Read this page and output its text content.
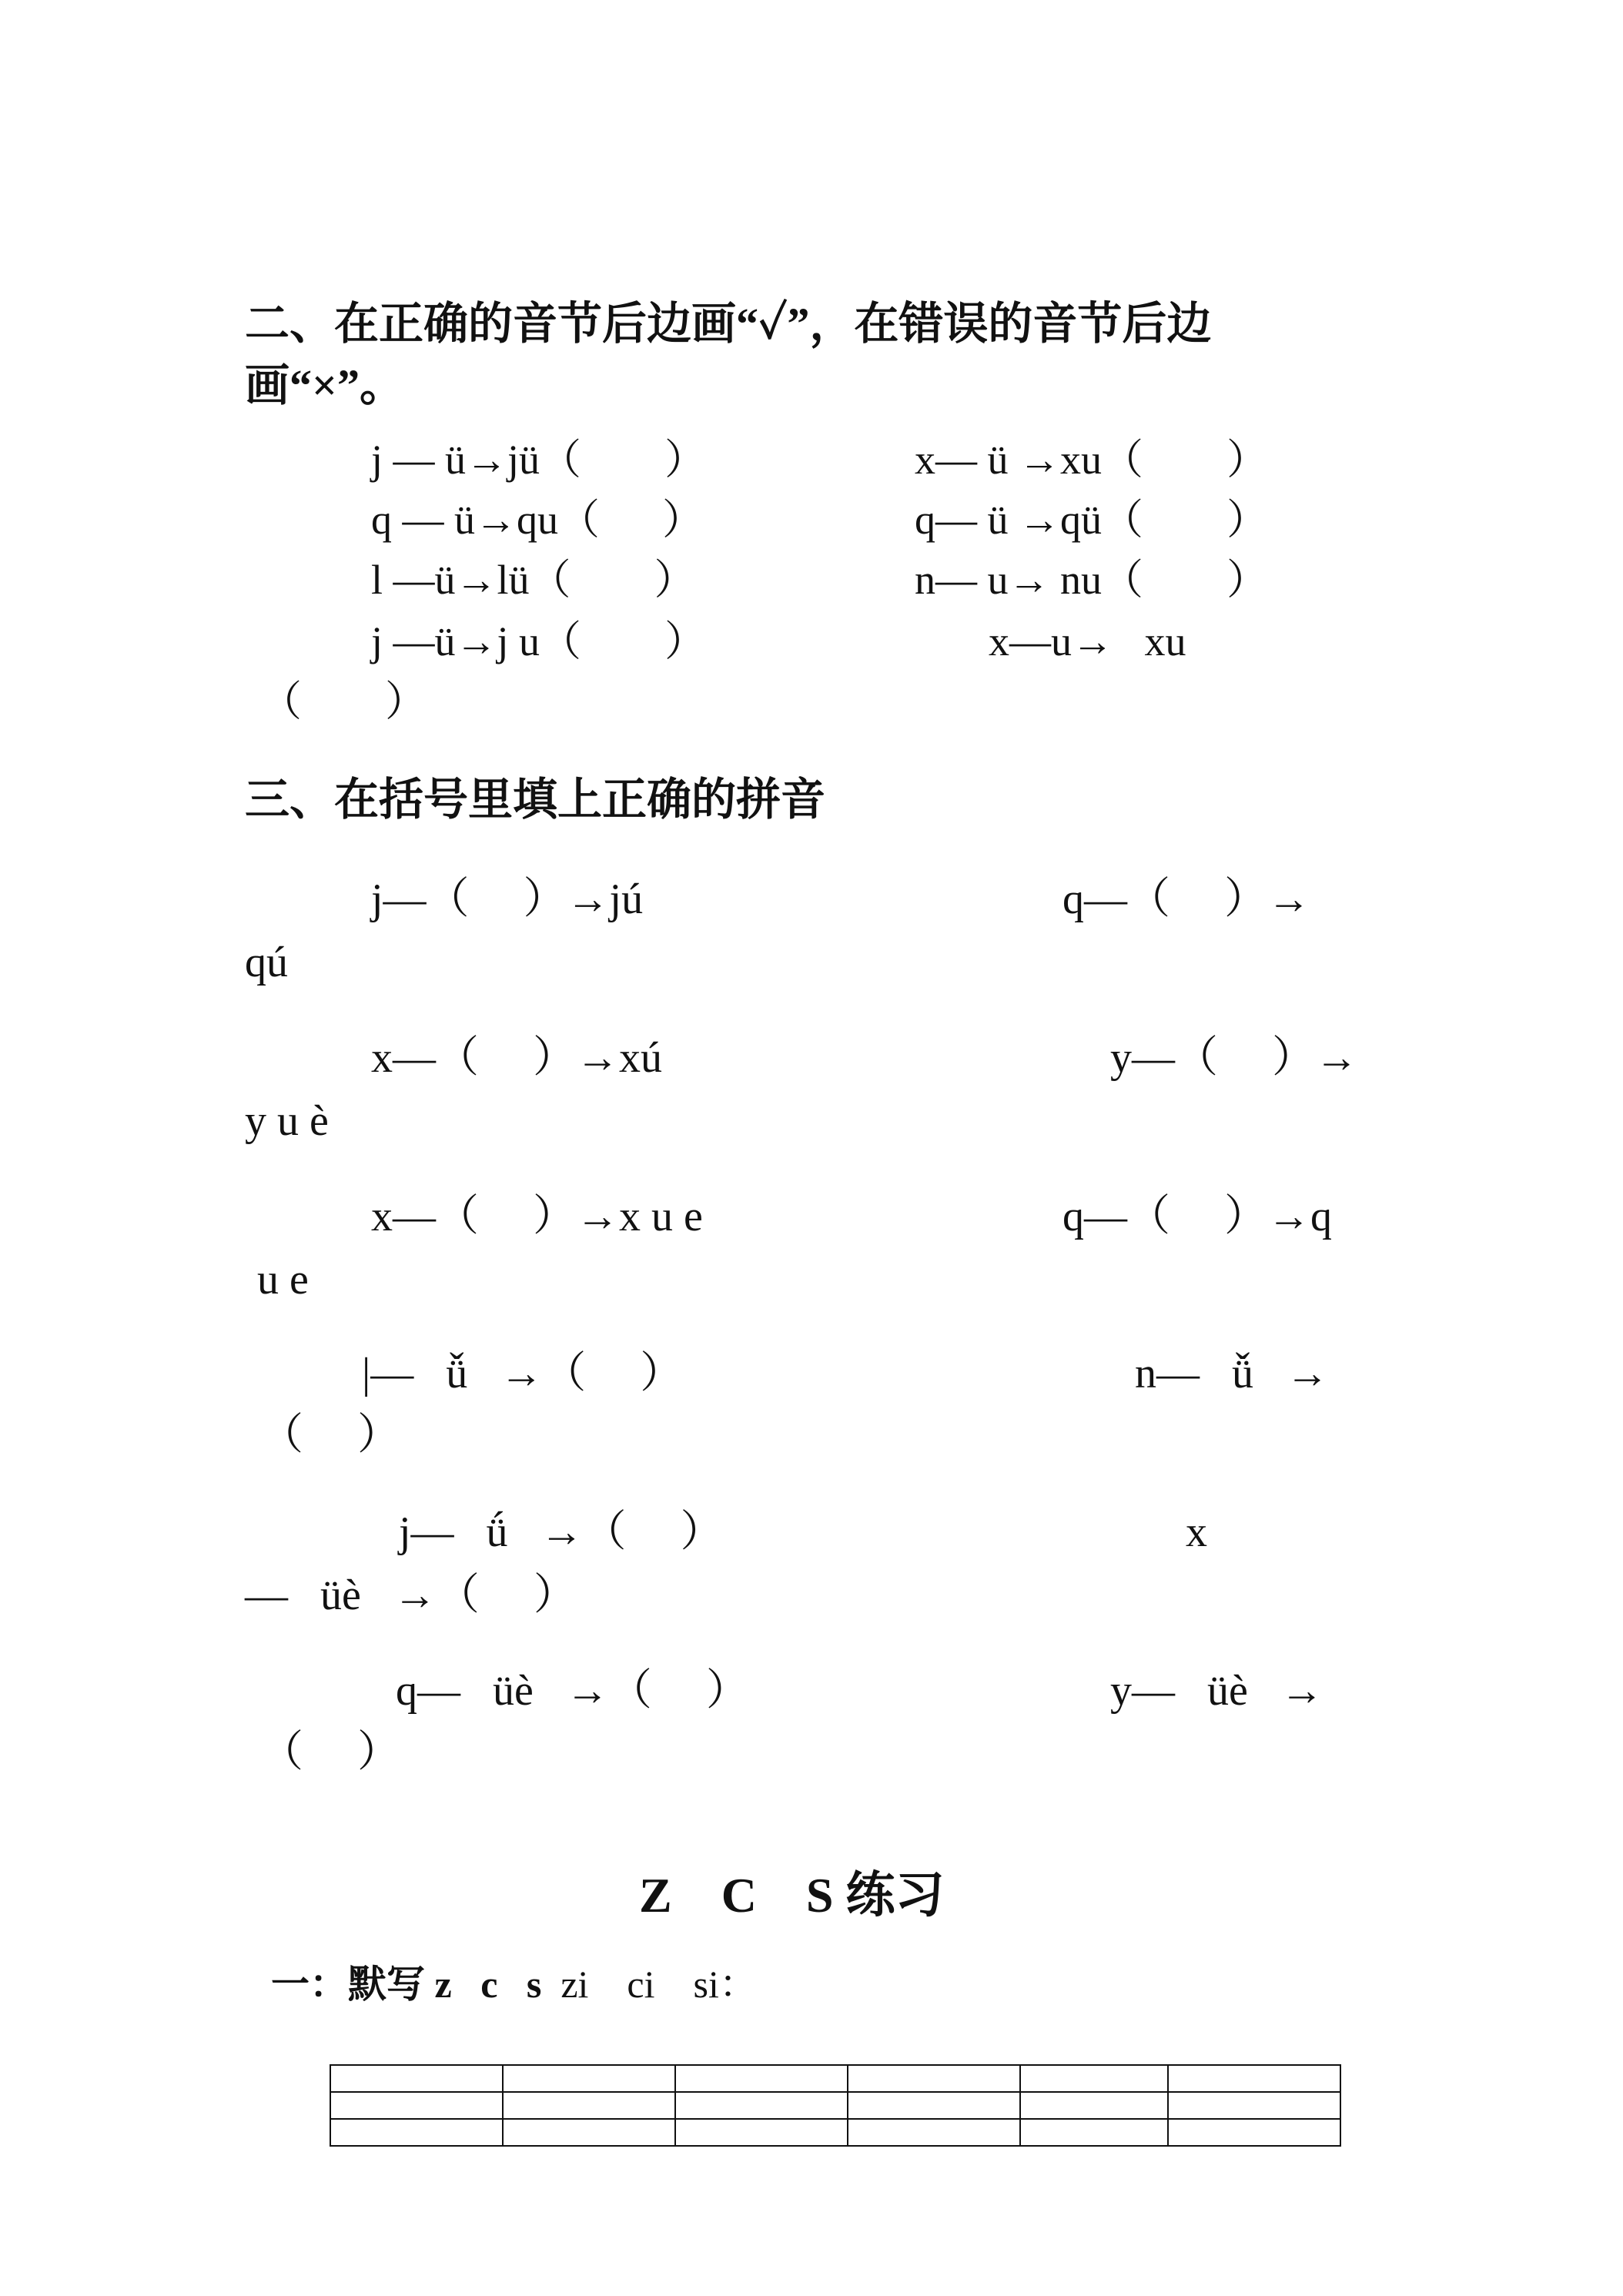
二、在正确的音节后边画“✓”，在错误的音节后边
画“×”。
j — ü→jü（        ）	x— ü →xu（        ）
q — ü→qu（      ）	q— ü →qü（        ）
l —ü→lü（        ）	n— u→ nu（        ）
j —ü→j u（        ）	x—u→   xu
（        ）
三、在括号里填上正确的拼音
j—（     ）→jú	q—（     ）→
qú
x—（     ）→xú	y—（     ）→
y u è
x—（     ）→x u e	q—（     ）→q
u e
|—   ǚ   →（     ）	n—   ǚ   →
（     ）
j—   ǘ   →（     ）	x
—   üè   →（     ）
q—   üè   →（     ）	y—   üè   →
（     ）
Z    C    S 练习
一：默写 z   c   s  zi    ci    si：
